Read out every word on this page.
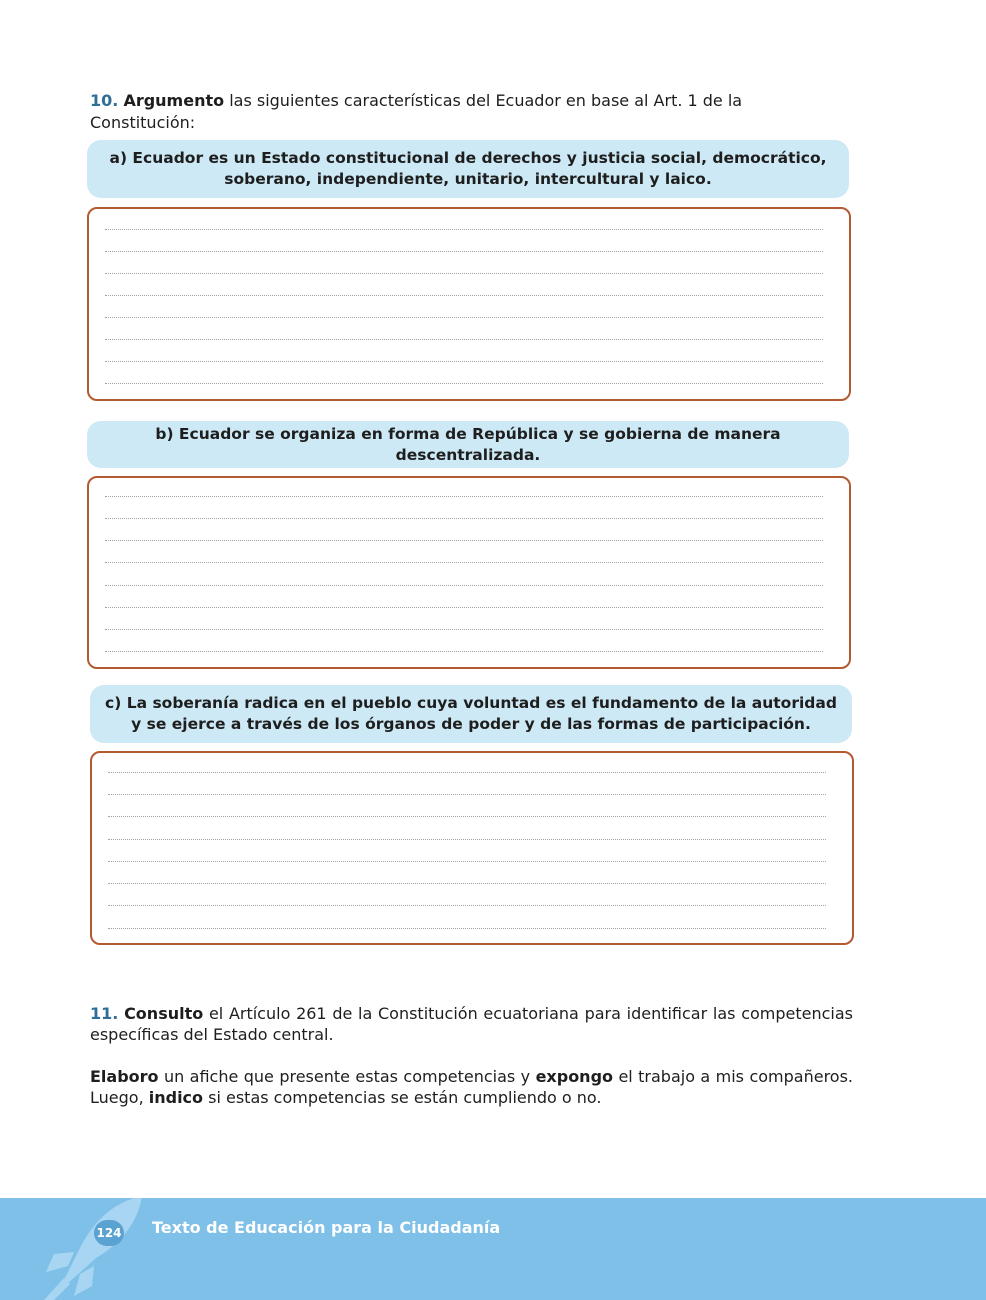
10. Argumento las siguientes características del Ecuador en base al Art. 1 de la Constitución:
a) Ecuador es un Estado constitucional de derechos y justicia social, democrático, soberano, independiente, unitario, intercultural y laico.
b) Ecuador se organiza en forma de República y se gobierna de manera descentralizada.
c) La soberanía radica en el pueblo cuya voluntad es el fundamento de la autoridad y se ejerce a través de los órganos de poder y de las formas de participación.
11. Consulto el Artículo 261 de la Constitución ecuatoriana para identificar las competencias específicas del Estado central.
Elaboro un afiche que presente estas competencias y expongo el trabajo a mis compañeros. Luego, indico si estas competencias se están cumpliendo o no.
124 Texto de Educación para la Ciudadanía
